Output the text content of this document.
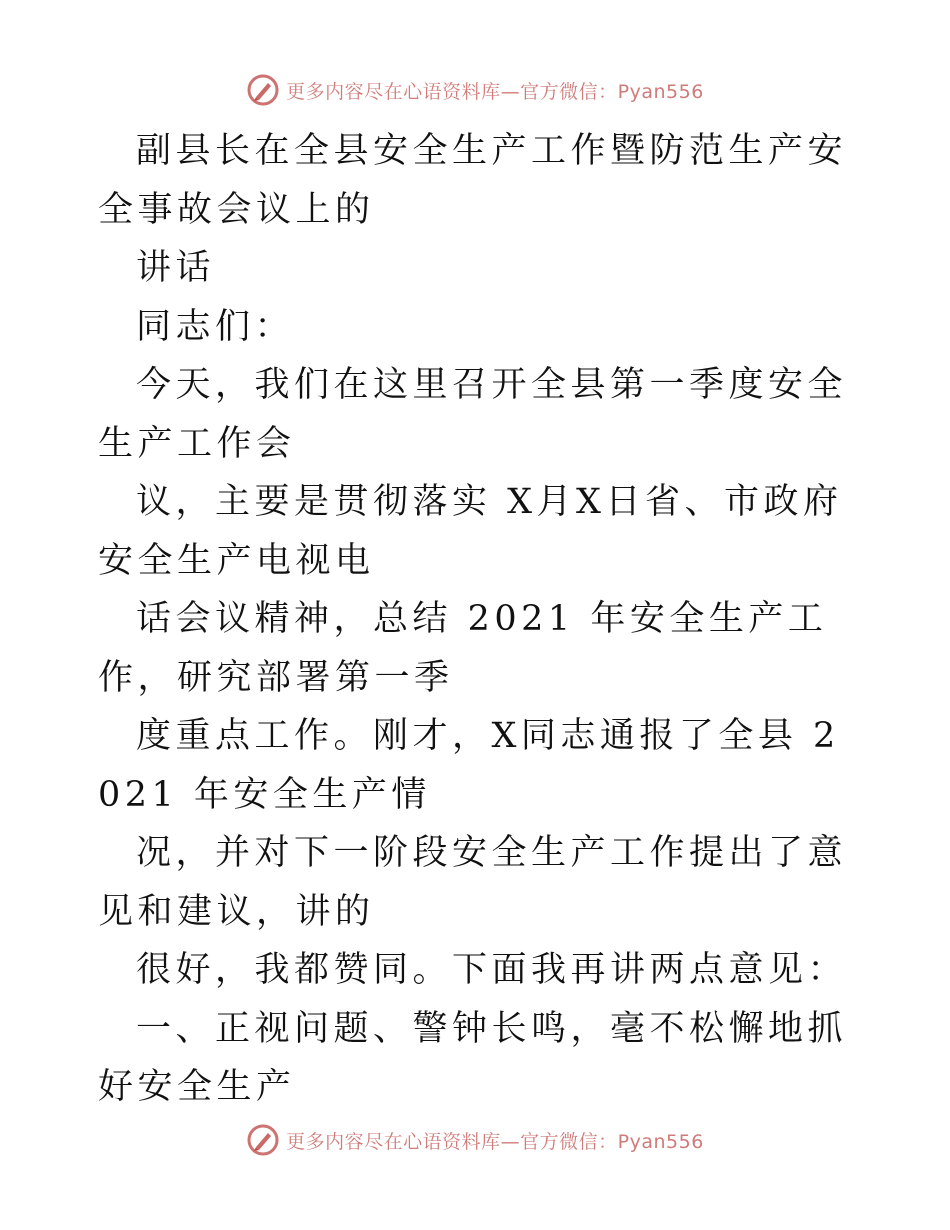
更多内容尽在心语资料库—官方微信：Pyan556

副县长在全县安全生产工作暨防范生产安全事故会议上的

讲话

同志们：

今天，我们在这里召开全县第一季度安全生产工作会

议，主要是贯彻落实 X月X日省、市政府安全生产电视电

话会议精神，总结 2021 年安全生产工作，研究部署第一季

度重点工作。刚才，X同志通报了全县 2021 年安全生产情

况，并对下一阶段安全生产工作提出了意见和建议，讲的

很好，我都赞同。下面我再讲两点意见：

一、正视问题、警钟长鸣，毫不松懈地抓好安全生产

更多内容尽在心语资料库—官方微信：Pyan556
